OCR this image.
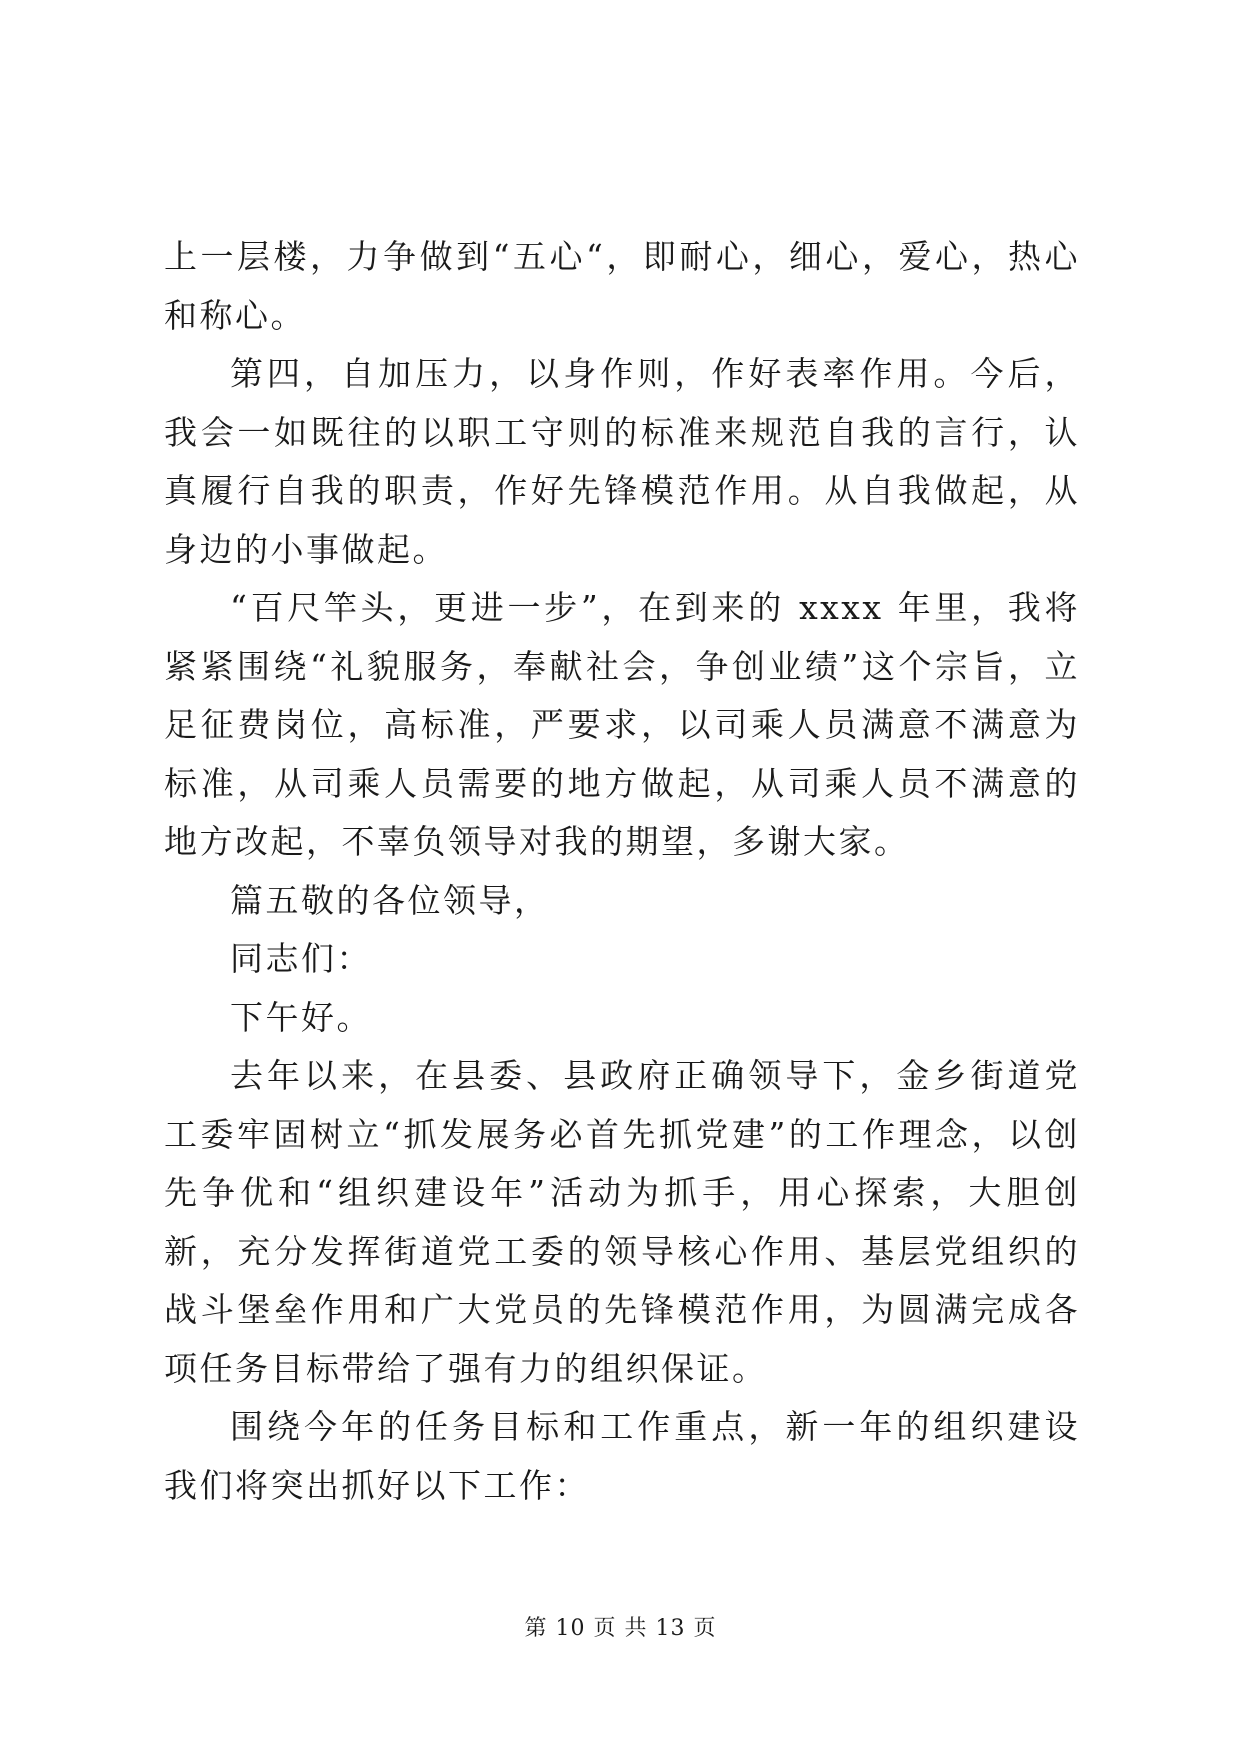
上一层楼，力争做到“五心“，即耐心，细心，爱心，热心和称心。

第四，自加压力，以身作则，作好表率作用。今后，我会一如既往的以职工守则的标准来规范自我的言行，认真履行自我的职责，作好先锋模范作用。从自我做起，从身边的小事做起。

“百尺竿头，更进一步”，在到来的 xxxx 年里，我将紧紧围绕“礼貌服务，奉献社会，争创业绩”这个宗旨，立足征费岗位，高标准，严要求，以司乘人员满意不满意为标准，从司乘人员需要的地方做起，从司乘人员不满意的地方改起，不辜负领导对我的期望，多谢大家。

篇五敬的各位领导，

同志们：

下午好。

去年以来，在县委、县政府正确领导下，金乡街道党工委牢固树立“抓发展务必首先抓党建”的工作理念，以创先争优和“组织建设年”活动为抓手，用心探索，大胆创新，充分发挥街道党工委的领导核心作用、基层党组织的战斗堡垒作用和广大党员的先锋模范作用，为圆满完成各项任务目标带给了强有力的组织保证。

围绕今年的任务目标和工作重点，新一年的组织建设我们将突出抓好以下工作：

第 10 页 共 13 页
